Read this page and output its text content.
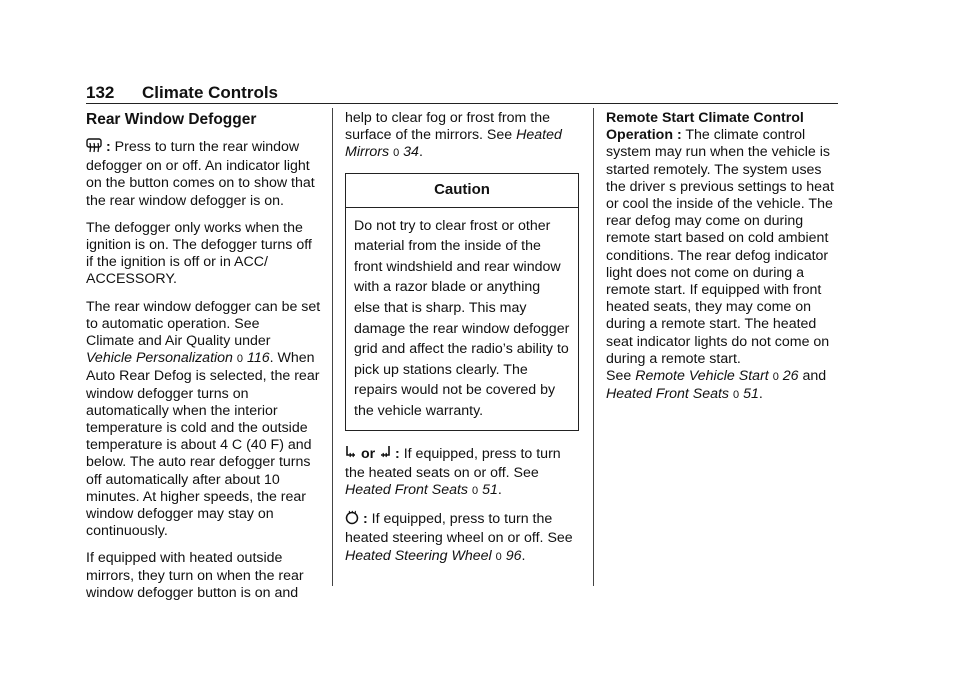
132 Climate Controls
Rear Window Defogger

: Press to turn the rear window defogger on or off. An indicator light on the button comes on to show that the rear window defogger is on.

The defogger only works when the ignition is on. The defogger turns off if the ignition is off or in ACC/ ACCESSORY.

The rear window defogger can be set to automatic operation. See
Climate and Air Quality under
Vehicle Personalization 0 116. When Auto Rear Defog is selected, the rear window defogger turns on automatically when the interior temperature is cold and the outside temperature is about 4 C (40 F) and below. The auto rear defogger turns off automatically after about 10 minutes. At higher speeds, the rear window defogger may stay on continuously.

If equipped with heated outside mirrors, they turn on when the rear window defogger button is on and

help to clear fog or frost from the surface of the mirrors. See Heated Mirrors 0 34.

Caution
Do not try to clear frost or other material from the inside of the front windshield and rear window with a razor blade or anything else that is sharp. This may damage the rear window defogger grid and affect the radio’s ability to pick up stations clearly. The repairs would not be covered by the vehicle warranty.

or : If equipped, press to turn the heated seats on or off. See Heated Front Seats 0 51.

: If equipped, press to turn the heated steering wheel on or off. See Heated Steering Wheel 0 96.

Remote Start Climate Control Operation : The climate control system may run when the vehicle is started remotely. The system uses the driver s previous settings to heat or cool the inside of the vehicle. The rear defog may come on during remote start based on cold ambient conditions. The rear defog indicator light does not come on during a remote start. If equipped with front heated seats, they may come on during a remote start. The heated seat indicator lights do not come on during a remote start.
See Remote Vehicle Start 0 26 and
Heated Front Seats 0 51.
